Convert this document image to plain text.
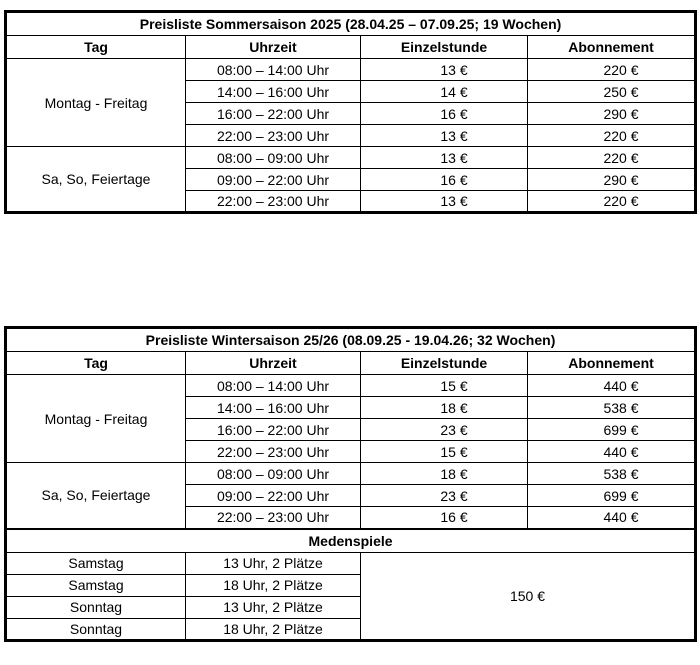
Preisliste Sommersaison 2025 (28.04.25 – 07.09.25; 19 Wochen)			
Tag	Uhrzeit	Einzelstunde	Abonnement
Montag - Freitag	08:00 – 14:00 Uhr	13 €	220 €
	14:00 – 16:00 Uhr	14 €	250 €
	16:00 – 22:00 Uhr	16 €	290 €
	22:00 – 23:00 Uhr	13 €	220 €
Sa, So, Feiertage	08:00 – 09:00 Uhr	13 €	220 €
	09:00 – 22:00 Uhr	16 €	290 €
	22:00 – 23:00 Uhr	13 €	220 €
Preisliste Wintersaison 25/26 (08.09.25 - 19.04.26; 32 Wochen)			
Tag	Uhrzeit	Einzelstunde	Abonnement
Montag - Freitag	08:00 – 14:00 Uhr	15 €	440 €
	14:00 – 16:00 Uhr	18 €	538 €
	16:00 – 22:00 Uhr	23 €	699 €
	22:00 – 23:00 Uhr	15 €	440 €
Sa, So, Feiertage	08:00 – 09:00 Uhr	18 €	538 €
	09:00 – 22:00 Uhr	23 €	699 €
	22:00 – 23:00 Uhr	16 €	440 €
Medenspiele			
Samstag	13 Uhr, 2 Plätze	150 €	
Samstag	18 Uhr, 2 Plätze		
Sonntag	13 Uhr, 2 Plätze		
Sonntag	18 Uhr, 2 Plätze		
